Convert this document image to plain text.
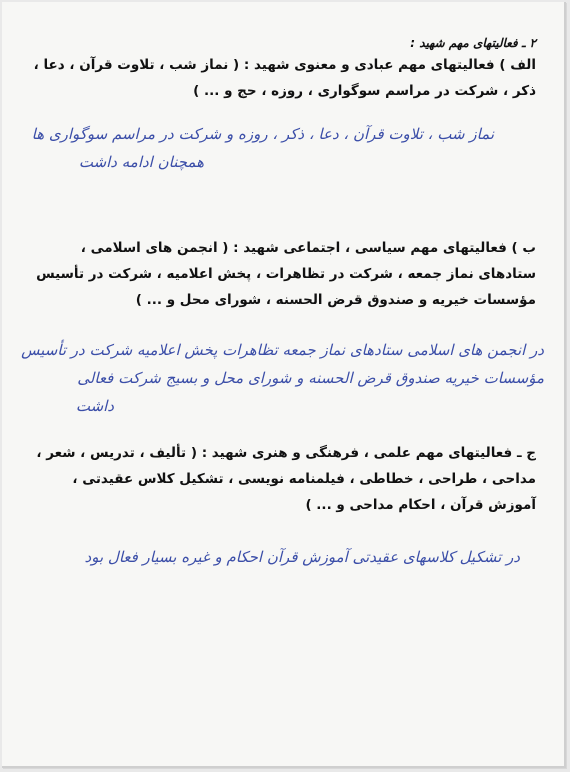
۲ ـ فعالیتهای مهم شهید :
الف ) فعالیتهای مهم عبادی و معنوی شهید : ( نماز شب ، تلاوت قرآن ، دعا ،
ذکر ، شرکت در مراسم سوگواری ، روزه ، حج و ... )
نماز شب ، تلاوت قرآن ، دعا ، ذکر ، روزه و شرکت در مراسم سوگواری ها
همچنان ادامه داشت
ب ) فعالیتهای مهم سیاسی ، اجتماعی شهید : ( انجمن های اسلامی ،
ستادهای نماز جمعه ، شرکت در تظاهرات ، پخش اعلامیه ، شرکت در تأسیس
مؤسسات خیریه و صندوق قرض الحسنه ، شورای محل و ... )
در انجمن های اسلامی ستادهای نماز جمعه تظاهرات پخش اعلامیه شرکت در تأسیس
مؤسسات خیریه صندوق قرض الحسنه و شورای محل و بسیج شرکت فعالی
داشت
ج ـ فعالیتهای مهم علمی ، فرهنگی و هنری شهید : ( تألیف ، تدریس ، شعر ،
مداحی ، طراحی ، خطاطی ، فیلمنامه نویسی ، تشکیل کلاس عقیدتی ،
آموزش قرآن ، احکام مداحی و ... )
در تشکیل کلاسهای عقیدتی آموزش قرآن احکام و غیره بسیار فعال بود
